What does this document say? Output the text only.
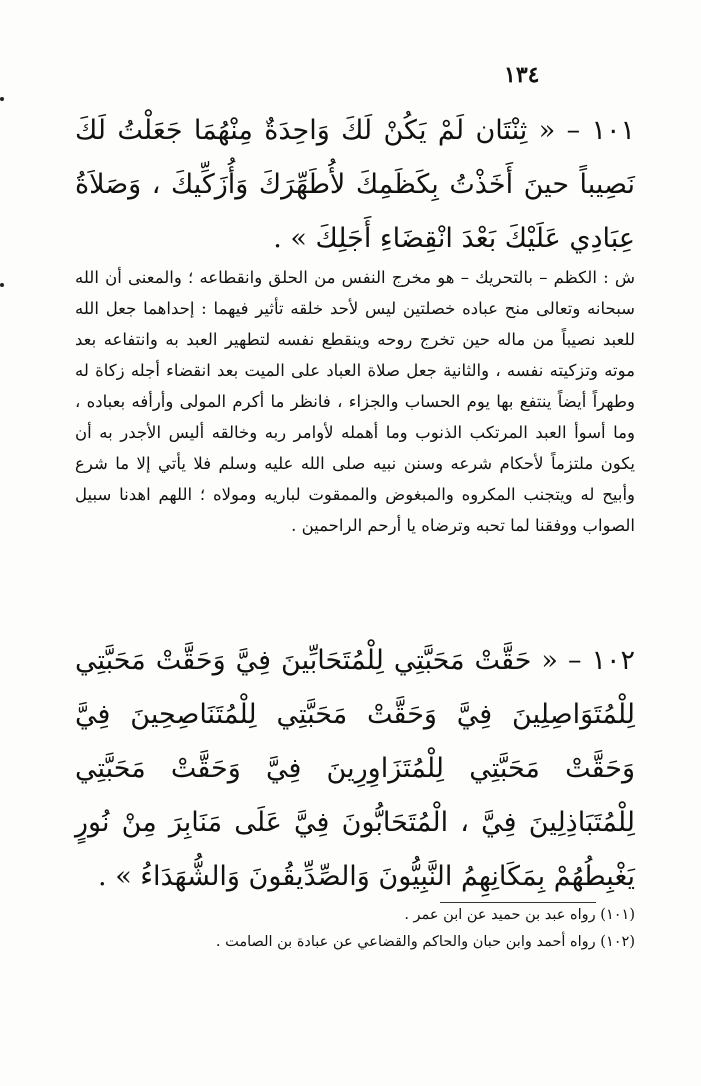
١٣٤

١٠١ – « ثِنْتَان لَمْ يَكُنْ لَكَ وَاحِدَةٌ مِنْهُمَا جَعَلْتُ لَكَ نَصِيباً حينَ أَخَذْتُ بِكَظَمِكَ لأُطَهِّرَكَ وَأُزَكِّيكَ ، وَصَلاَةُ عِبَادِي عَلَيْكَ بَعْدَ انْقِضَاءِ أَجَلِكَ » .

ش : الكظم – بالتحريك – هو مخرج النفس من الحلق وانقطاعه ؛ والمعنى أن الله سبحانه وتعالى منح عباده خصلتين ليس لأحد خلقه تأثير فيهما : إحداهما جعل الله للعبد نصيباً من ماله حين تخرج روحه وينقطع نفسه لتطهير العبد به وانتفاعه بعد موته وتزكيته نفسه ، والثانية جعل صلاة العباد على الميت بعد انقضاء أجله زكاة له وطهراً أيضاً ينتفع بها يوم الحساب والجزاء ، فانظر ما أكرم المولى وأرأفه بعباده ، وما أسوأ العبد المرتكب الذنوب وما أهمله لأوامر ربه وخالقه أليس الأجدر به أن يكون ملتزماً لأحكام شرعه وسنن نبيه صلى الله عليه وسلم فلا يأتي إلا ما شرع وأبيح له ويتجنب المكروه والمبغوض والممقوت لباريه ومولاه ؛ اللهم اهدنا سبيل الصواب ووفقنا لما تحبه وترضاه يا أرحم الراحمين .

١٠٢ – « حَقَّتْ مَحَبَّتِي لِلْمُتَحَابِّينَ فِيَّ وَحَقَّتْ مَحَبَّتِي لِلْمُتَوَاصِلِينَ فِيَّ وَحَقَّتْ مَحَبَّتِي لِلْمُتَنَاصِحِينَ فِيَّ وَحَقَّتْ مَحَبَّتِي لِلْمُتَزَاوِرِينَ فِيَّ وَحَقَّتْ مَحَبَّتِي لِلْمُتَبَاذِلِينَ فِيَّ ، الْمُتَحَابُّونَ فِيَّ عَلَى مَنَابِرَ مِنْ نُورٍ يَغْبِطُهُمْ بِمَكَانِهِمُ النَّبِيُّونَ وَالصِّدِّيقُونَ وَالشُّهَدَاءُ » .

(١٠١) رواه عبد بن حميد عن ابن عمر .

(١٠٢) رواه أحمد وابن حبان والحاكم والقضاعي عن عبادة بن الصامت .
